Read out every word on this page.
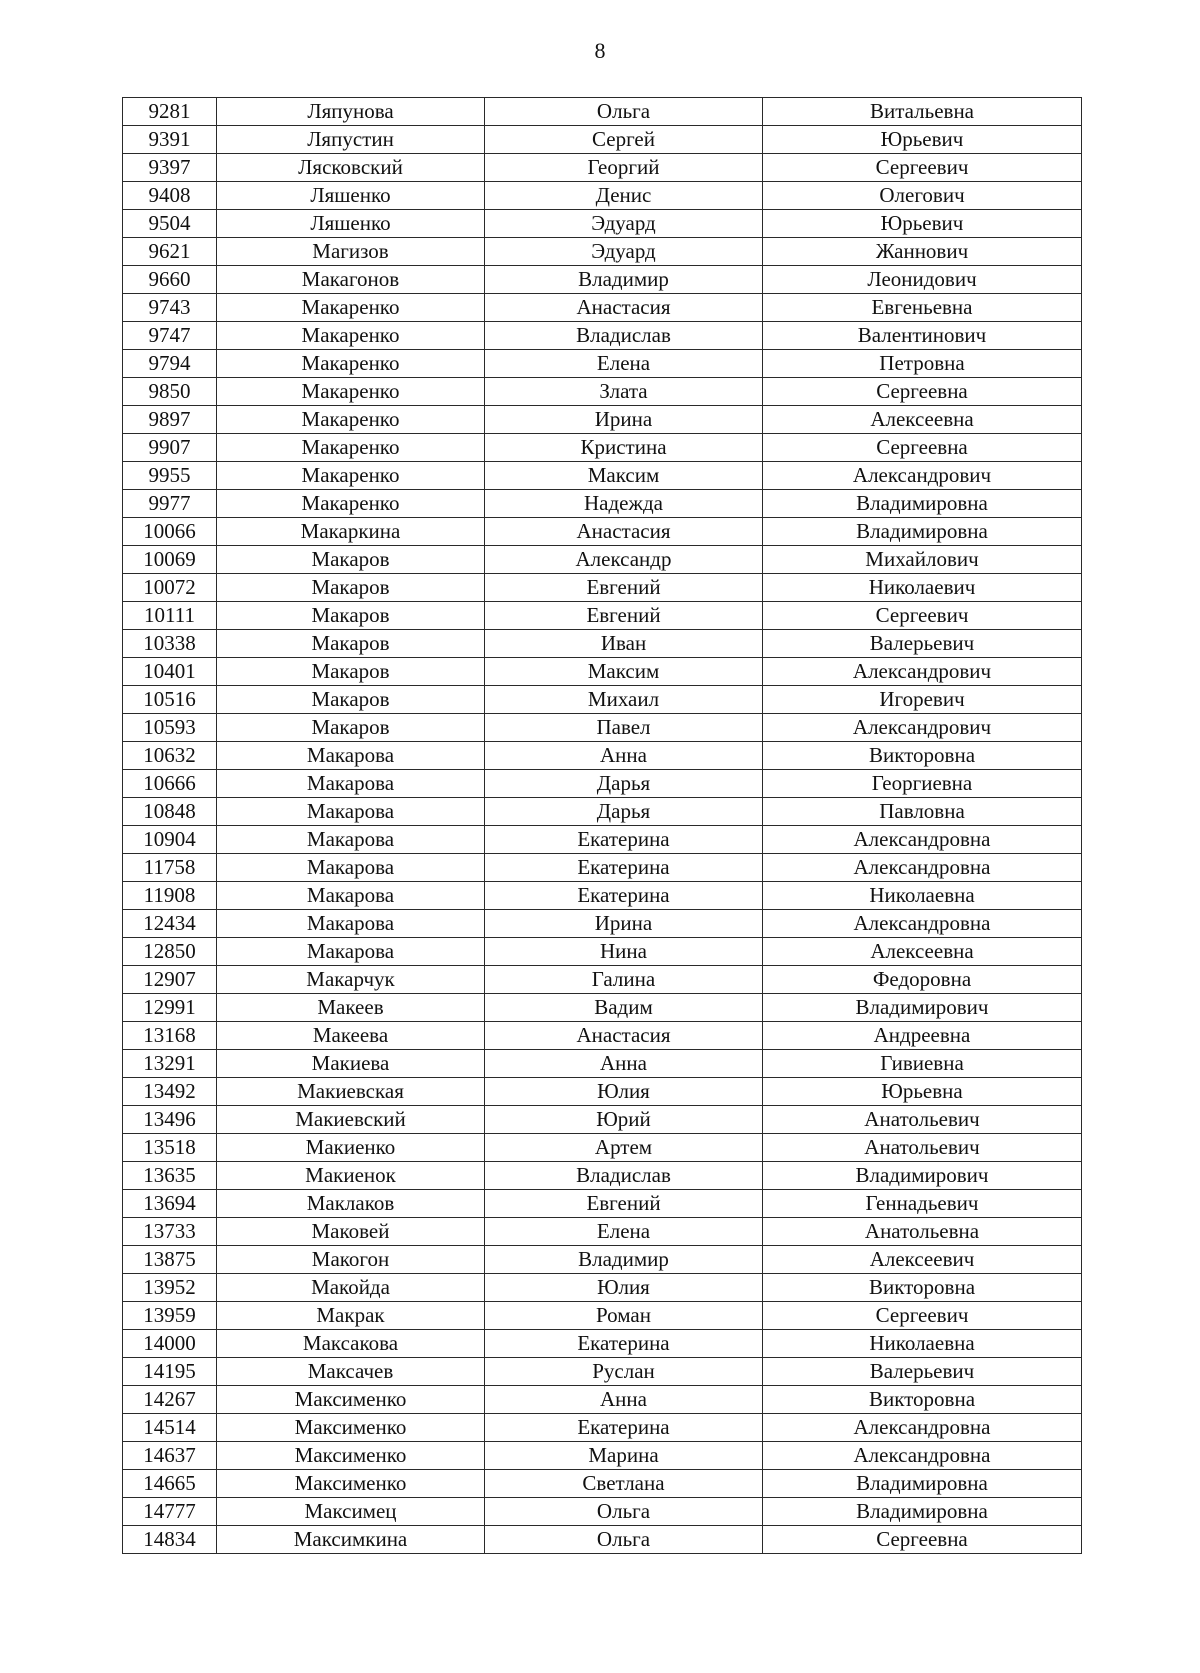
8
9281	Ляпунова	Ольга	Витальевна
9391	Ляпустин	Сергей	Юрьевич
9397	Лясковский	Георгий	Сергеевич
9408	Ляшенко	Денис	Олегович
9504	Ляшенко	Эдуард	Юрьевич
9621	Магизов	Эдуард	Жаннович
9660	Макагонов	Владимир	Леонидович
9743	Макаренко	Анастасия	Евгеньевна
9747	Макаренко	Владислав	Валентинович
9794	Макаренко	Елена	Петровна
9850	Макаренко	Злата	Сергеевна
9897	Макаренко	Ирина	Алексеевна
9907	Макаренко	Кристина	Сергеевна
9955	Макаренко	Максим	Александрович
9977	Макаренко	Надежда	Владимировна
10066	Макаркина	Анастасия	Владимировна
10069	Макаров	Александр	Михайлович
10072	Макаров	Евгений	Николаевич
10111	Макаров	Евгений	Сергеевич
10338	Макаров	Иван	Валерьевич
10401	Макаров	Максим	Александрович
10516	Макаров	Михаил	Игоревич
10593	Макаров	Павел	Александрович
10632	Макарова	Анна	Викторовна
10666	Макарова	Дарья	Георгиевна
10848	Макарова	Дарья	Павловна
10904	Макарова	Екатерина	Александровна
11758	Макарова	Екатерина	Александровна
11908	Макарова	Екатерина	Николаевна
12434	Макарова	Ирина	Александровна
12850	Макарова	Нина	Алексеевна
12907	Макарчук	Галина	Федоровна
12991	Макеев	Вадим	Владимирович
13168	Макеева	Анастасия	Андреевна
13291	Макиева	Анна	Гивиевна
13492	Макиевская	Юлия	Юрьевна
13496	Макиевский	Юрий	Анатольевич
13518	Макиенко	Артем	Анатольевич
13635	Макиенок	Владислав	Владимирович
13694	Маклаков	Евгений	Геннадьевич
13733	Маковей	Елена	Анатольевна
13875	Макогон	Владимир	Алексеевич
13952	Макойда	Юлия	Викторовна
13959	Макрак	Роман	Сергеевич
14000	Максакова	Екатерина	Николаевна
14195	Максачев	Руслан	Валерьевич
14267	Максименко	Анна	Викторовна
14514	Максименко	Екатерина	Александровна
14637	Максименко	Марина	Александровна
14665	Максименко	Светлана	Владимировна
14777	Максимец	Ольга	Владимировна
14834	Максимкина	Ольга	Сергеевна
